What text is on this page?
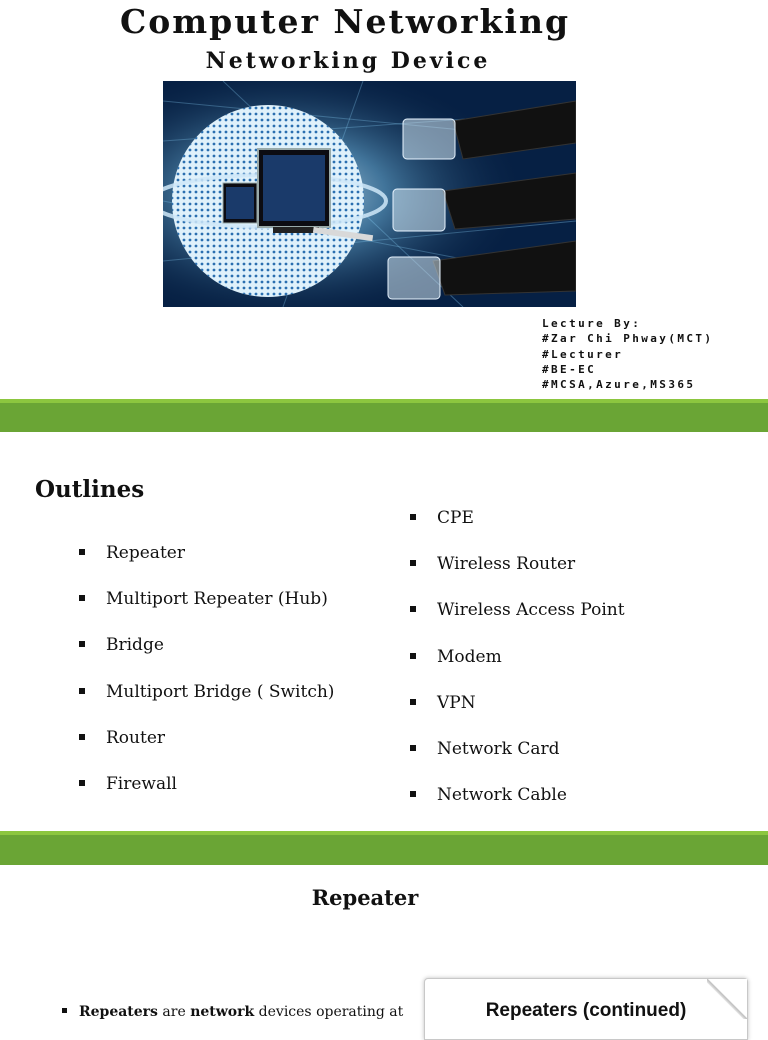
Computer Networking
Networking Device
Lecture By:
#Zar Chi Phway(MCT)
#Lecturer
#BE-EC
#MCSA,Azure,MS365
Outlines
Repeater
Multiport Repeater (Hub)
Bridge
Multiport Bridge ( Switch)
Router
Firewall
CPE
Wireless Router
Wireless Access Point
Modem
VPN
Network Card
Network Cable
Repeater
Repeaters are network devices operating at	Repeaters (continued)
